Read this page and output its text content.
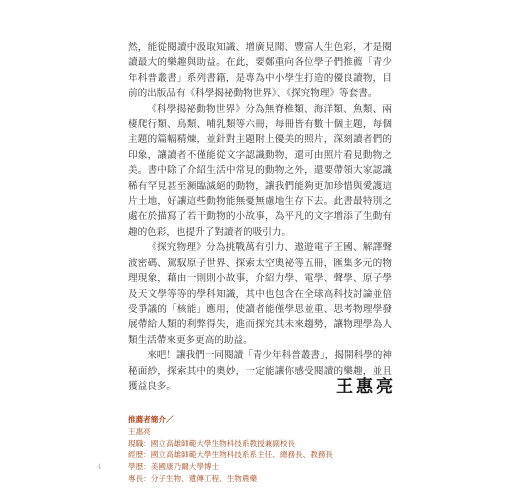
然，能從閱讀中汲取知識、增廣見聞、豐富人生色彩，才是閱讀最大的樂趣與助益。在此，要鄭重向各位學子們推薦「青少年科普叢書」系列書籍，是專為中小學生打造的優良讀物，目前的出版品有《科學揭祕動物世界》、《探究物理》等套書。

《科學揭祕動物世界》分為無脊椎類、海洋類、魚類、兩棲爬行類、鳥類、哺乳類等六冊，每冊皆有數十個主題，每個主題的篇幅精煉，並針對主題附上優美的照片，深刻讀者們的印象，讓讀者不僅能從文字認識動物，還可由照片看見動物之美。書中除了介紹生活中常見的動物之外，還要帶領大家認識稀有罕見甚至瀕臨滅絕的動物，讓我們能夠更加珍惜與愛護這片土地，好讓這些動物能無憂無慮地生存下去。此書最特別之處在於描寫了若干動物的小故事，為平凡的文字增添了生動有趣的色彩，也提升了對讀者的吸引力。

《探究物理》分為挑戰萬有引力、遨遊電子王國、解譯聲波密碼、駕馭原子世界、探索太空奧祕等五冊，匯集多元的物理現象，藉由一則則小故事，介紹力學、電學、聲學、原子學及天文學等等的學科知識，其中也包含在全球高科技討論並倍受爭議的「核能」應用，使讀者能僅學思並重、思考物理學發展帶給人類的利弊得失，進而探究其未來趨勢，讓物理學為人類生活帶來更多更高的助益。

來吧！讓我們一同閱讀「青少年科普叢書」，揭開科學的神秘面紗，探索其中的奧妙，一定能讓你感受閱讀的樂趣，並且獲益良多。	王惠亮
推薦者簡介／
王惠亮
現職：國立高雄師範大學生物科技系教授兼副校長
經歷：國立高雄師範大學生物科技系系主任、總務長、教務長
學歷：美國康乃爾大學博士
專長：分子生物、遺傳工程、生物農藥
4
